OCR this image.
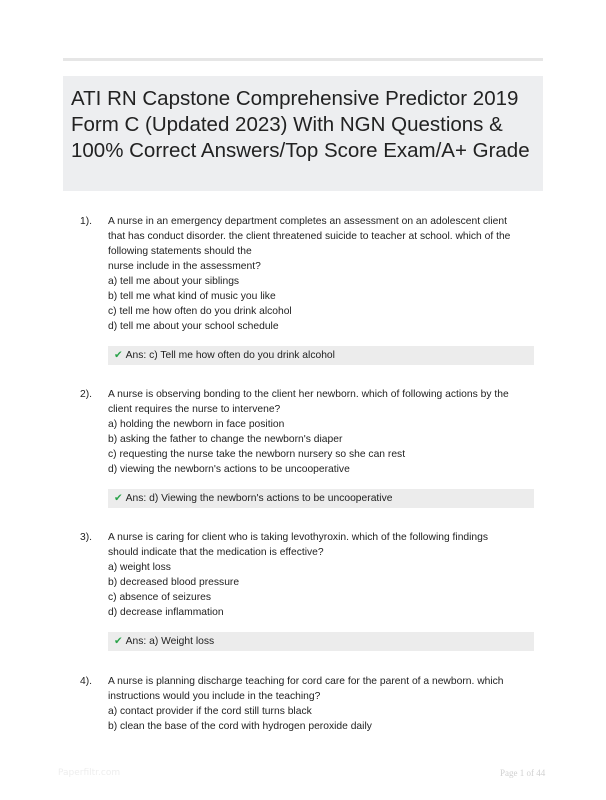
ATI RN Capstone Comprehensive Predictor 2019 Form C (Updated 2023) With NGN Questions & 100% Correct Answers/Top Score Exam/A+ Grade
1).	A nurse in an emergency department completes an assessment on an adolescent client
that has conduct disorder. the client threatened suicide to teacher at school. which of the
following statements should the
nurse include in the assessment?
a) tell me about your siblings
b) tell me what kind of music you like
c) tell me how often do you drink alcohol
d) tell me about your school schedule
✔ Ans: c) Tell me how often do you drink alcohol
2).	A nurse is observing bonding to the client her newborn. which of following actions by the
client requires the nurse to intervene?
a) holding the newborn in face position
b) asking the father to change the newborn's diaper
c) requesting the nurse take the newborn nursery so she can rest
d) viewing the newborn's actions to be uncooperative
✔ Ans: d) Viewing the newborn's actions to be uncooperative
3).	A nurse is caring for client who is taking levothyroxin. which of the following findings
should indicate that the medication is effective?
a) weight loss
b) decreased blood pressure
c) absence of seizures
d) decrease inflammation
✔ Ans: a) Weight loss
4).	A nurse is planning discharge teaching for cord care for the parent of a newborn. which
instructions would you include in the teaching?
a) contact provider if the cord still turns black
b) clean the base of the cord with hydrogen peroxide daily
Paperfiltr.com	Page 1 of 44
